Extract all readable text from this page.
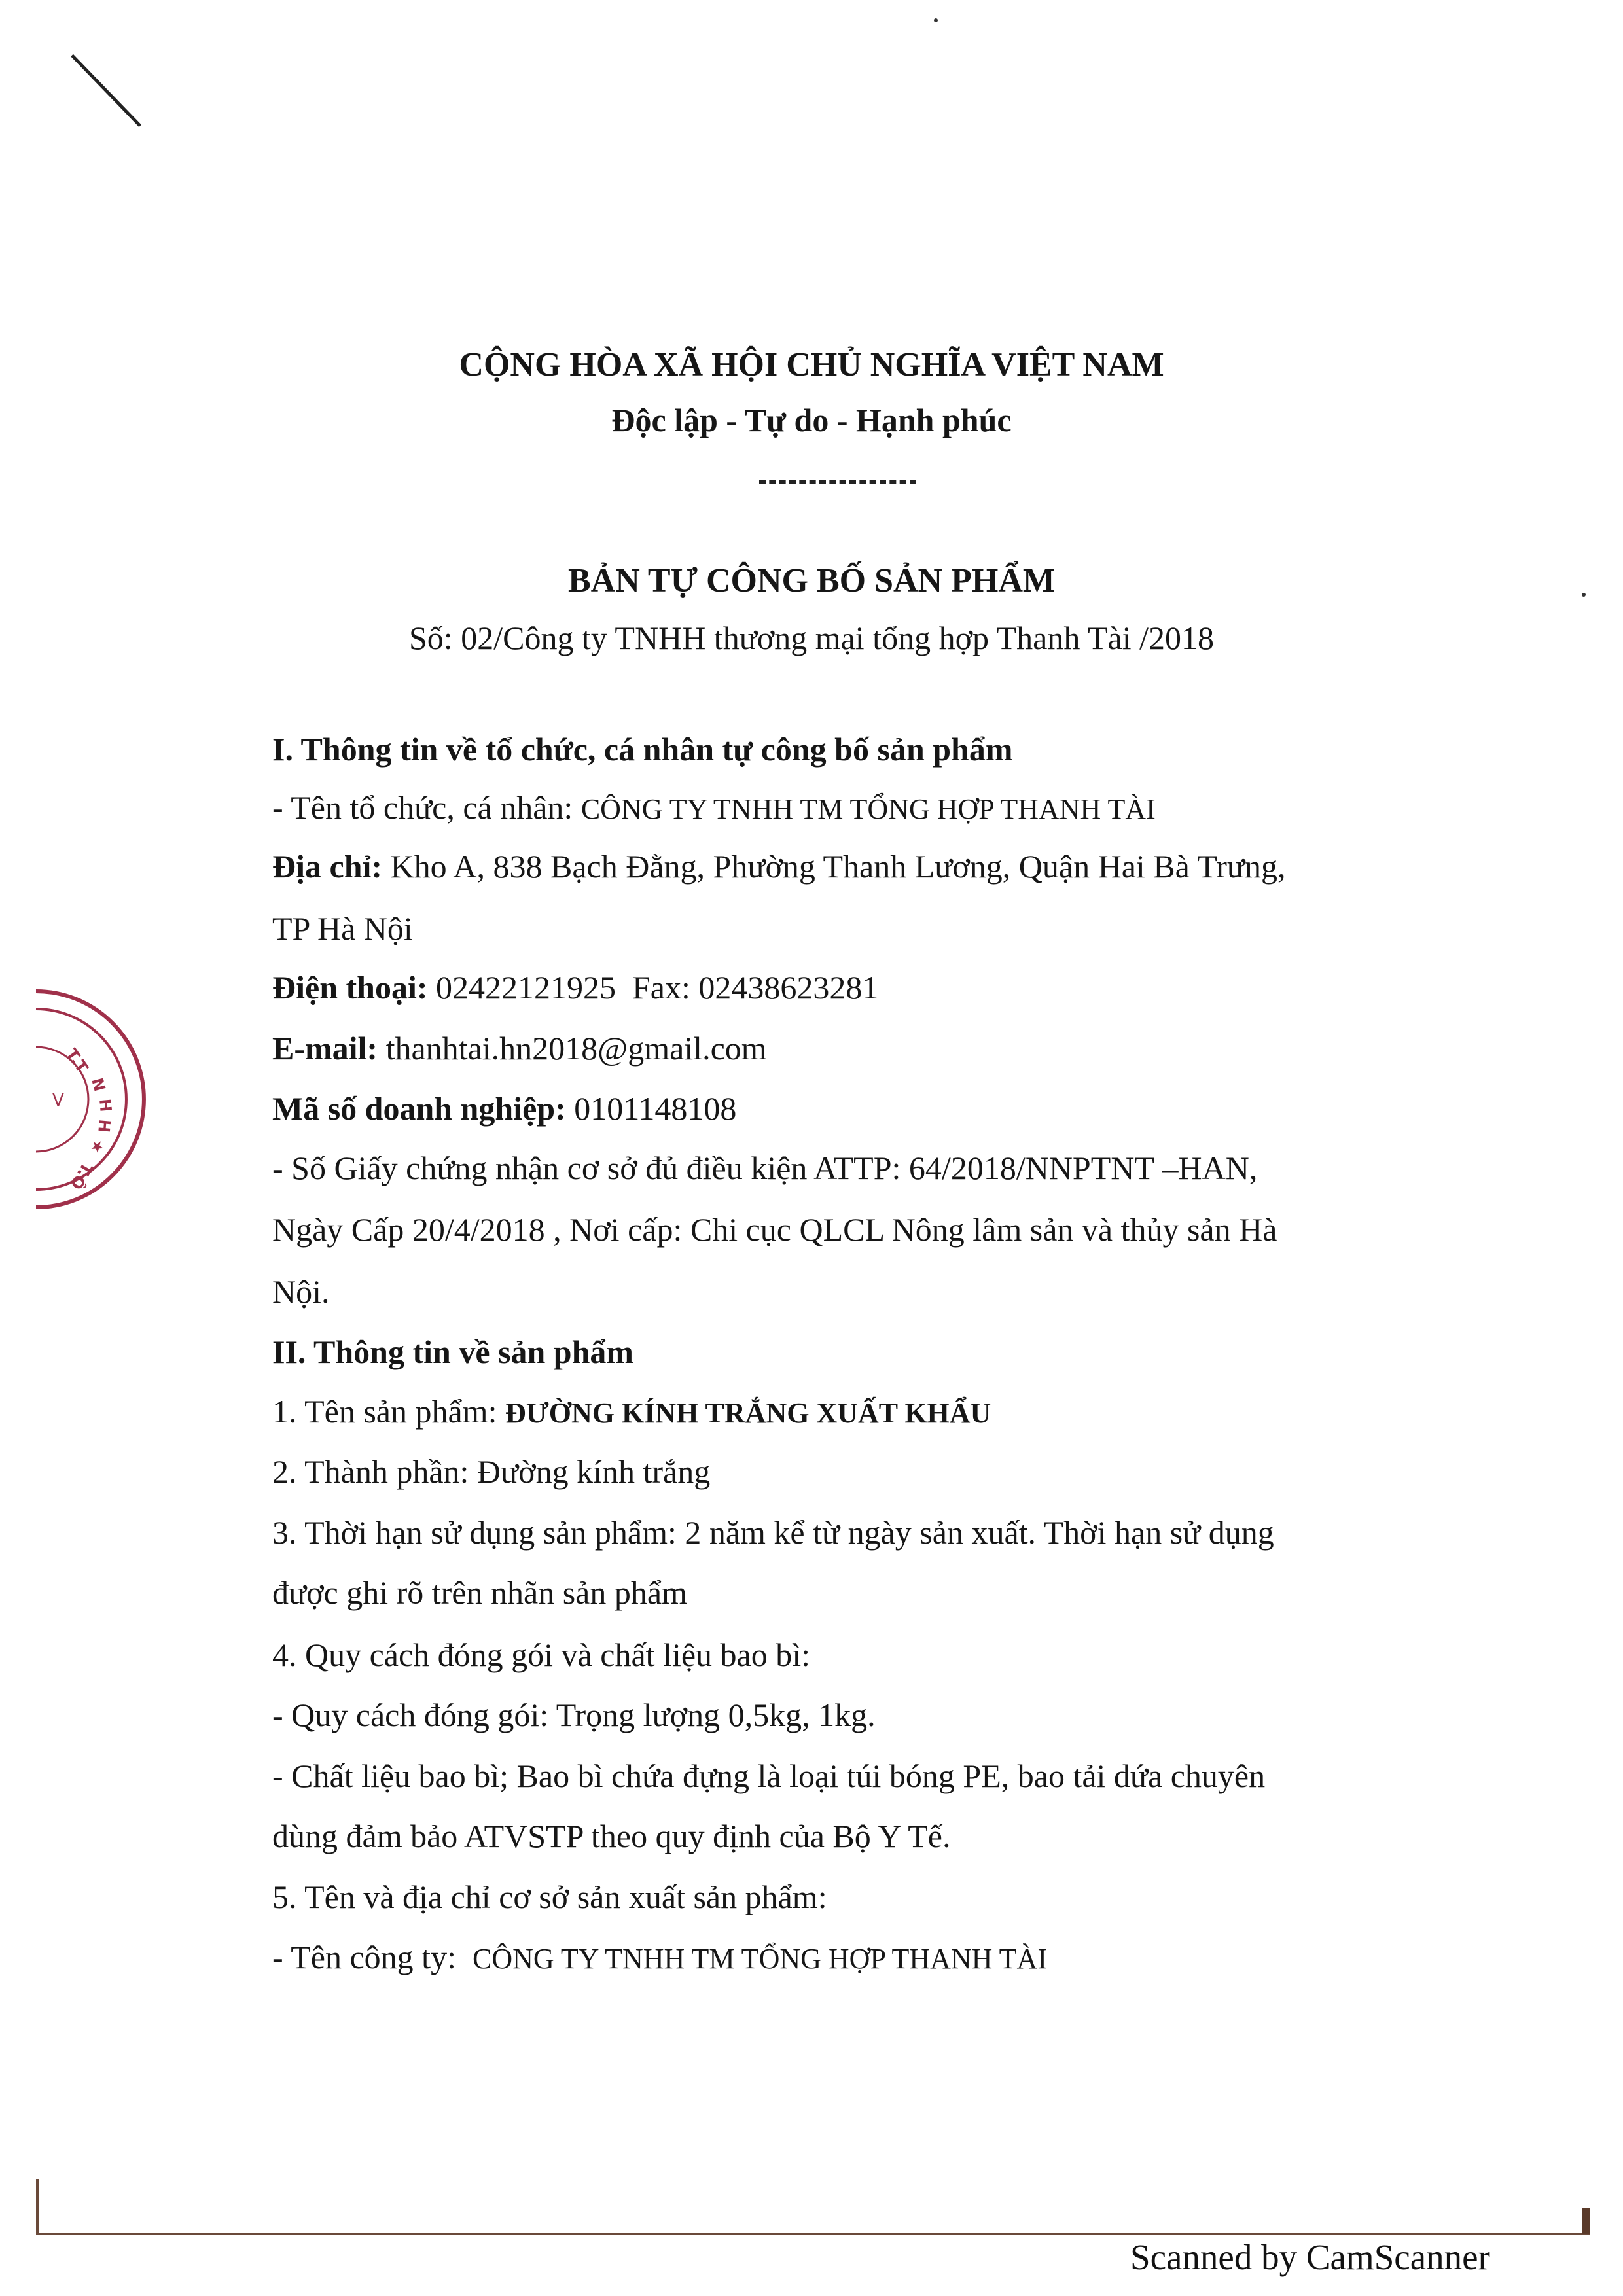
T.T
N
H
H
★
T.Ô
V

CỘNG HÒA XÃ HỘI CHỦ NGHĨA VIỆT NAM

Độc lập - Tự do - Hạnh phúc

BẢN TỰ CÔNG BỐ SẢN PHẨM

Số: 02/Công ty TNHH thương mại tổng hợp Thanh Tài /2018

I. Thông tin về tổ chức, cá nhân tự công bố sản phẩm

- Tên tổ chức, cá nhân: CÔNG TY TNHH TM TỔNG HỢP THANH TÀI

Địa chỉ: Kho A, 838 Bạch Đằng, Phường Thanh Lương, Quận Hai Bà Trưng,

TP Hà Nội

Điện thoại: 02422121925 Fax: 02438623281

E-mail: thanhtai.hn2018@gmail.com

Mã số doanh nghiệp: 0101148108

- Số Giấy chứng nhận cơ sở đủ điều kiện ATTP: 64/2018/NNPTNT –HAN,

Ngày Cấp 20/4/2018 , Nơi cấp: Chi cục QLCL Nông lâm sản và thủy sản Hà

Nội.

II. Thông tin về sản phẩm

1. Tên sản phẩm: ĐƯỜNG KÍNH TRẮNG XUẤT KHẨU

2. Thành phần: Đường kính trắng

3. Thời hạn sử dụng sản phẩm: 2 năm kể từ ngày sản xuất. Thời hạn sử dụng

được ghi rõ trên nhãn sản phẩm

4. Quy cách đóng gói và chất liệu bao bì:

- Quy cách đóng gói: Trọng lượng 0,5kg, 1kg.

- Chất liệu bao bì; Bao bì chứa đựng là loại túi bóng PE, bao tải dứa chuyên

dùng đảm bảo ATVSTP theo quy định của Bộ Y Tế.

5. Tên và địa chỉ cơ sở sản xuất sản phẩm:

- Tên công ty: CÔNG TY TNHH TM TỔNG HỢP THANH TÀI

Scanned by CamScanner
